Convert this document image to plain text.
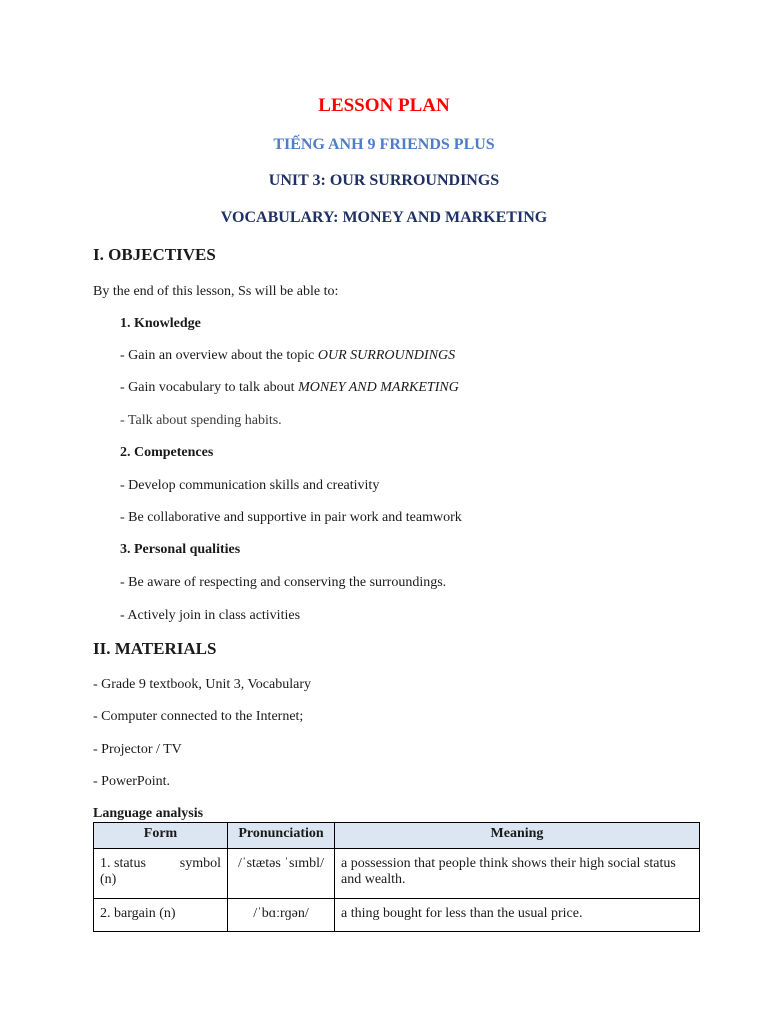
LESSON PLAN
TIẾNG ANH 9 FRIENDS PLUS
UNIT 3: OUR SURROUNDINGS
VOCABULARY: MONEY AND MARKETING
I. OBJECTIVES
By the end of this lesson, Ss will be able to:
1. Knowledge
- Gain an overview about the topic OUR SURROUNDINGS
- Gain vocabulary to talk about MONEY AND MARKETING
- Talk about spending habits.
2. Competences
- Develop communication skills and creativity
- Be collaborative and supportive in pair work and teamwork
3. Personal qualities
- Be aware of respecting and conserving the surroundings.
- Actively join in class activities
II. MATERIALS
- Grade 9 textbook, Unit 3, Vocabulary
- Computer connected to the Internet;
- Projector / TV
- PowerPoint.
Language analysis
Form	Pronunciation	Meaning

1. status symbol
(n)	/ˈstætəs ˈsɪmbl/	a possession that people think shows their high social status and wealth.
2. bargain (n)	/ˈbɑːrɡən/	a thing bought for less than the usual price.
